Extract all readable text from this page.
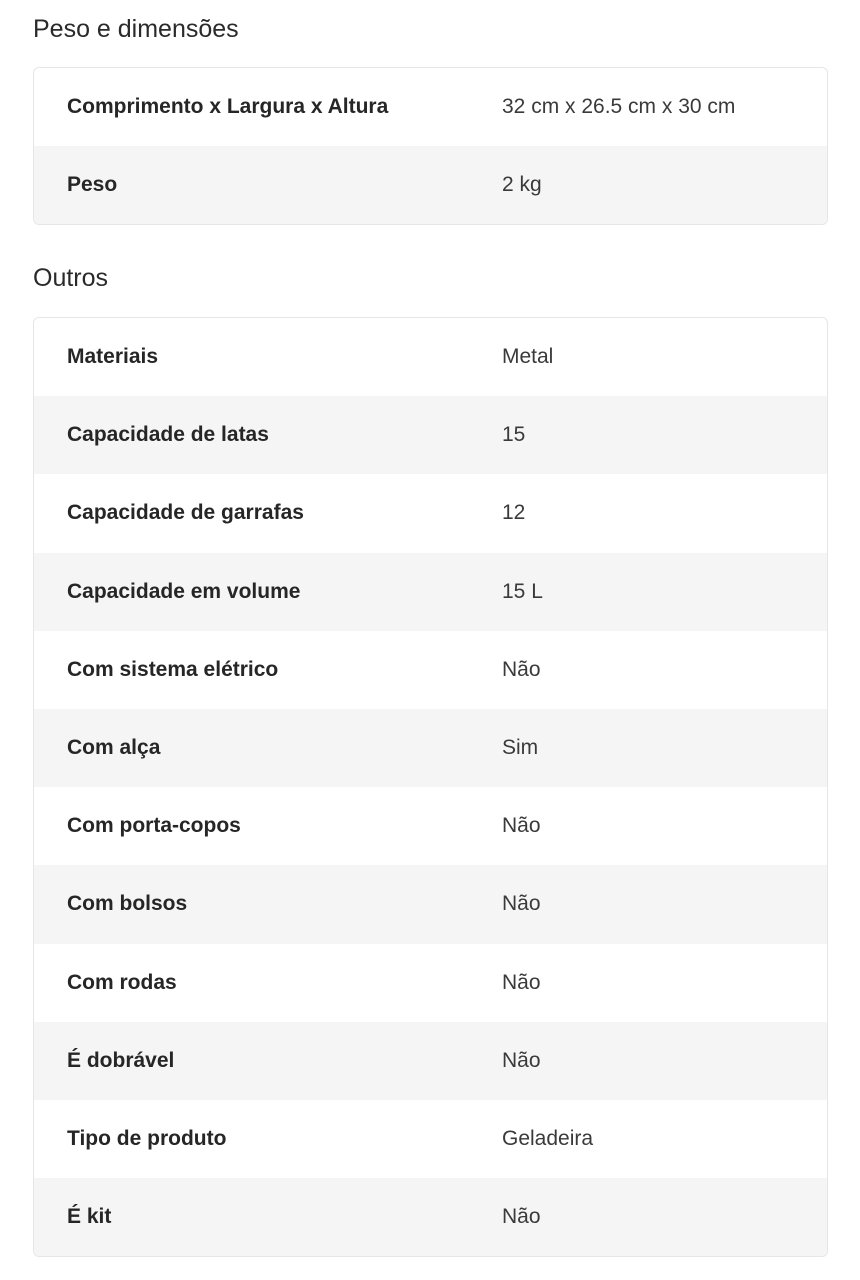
Peso e dimensões
Comprimento x Largura x Altura	32 cm x 26.5 cm x 30 cm
Peso	2 kg
Outros
Materiais	Metal
Capacidade de latas	15
Capacidade de garrafas	12
Capacidade em volume	15 L
Com sistema elétrico	Não
Com alça	Sim
Com porta-copos	Não
Com bolsos	Não
Com rodas	Não
É dobrável	Não
Tipo de produto	Geladeira
É kit	Não
